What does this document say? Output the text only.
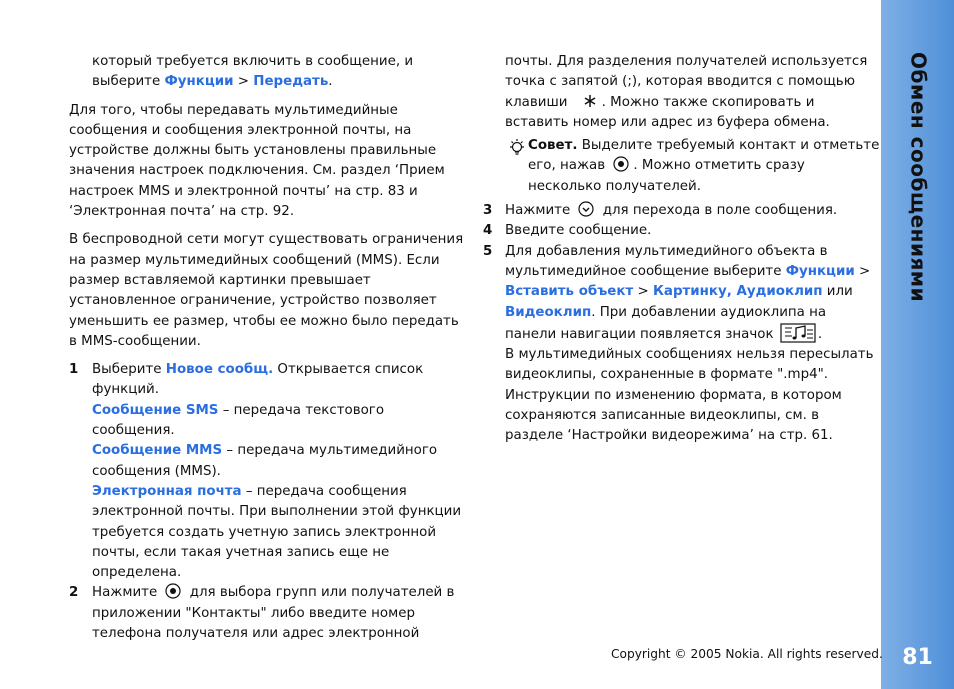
Обмен сообщениями
81

который требуется включить в сообщение, и выберите Функции > Передать.

Для того, чтобы передавать мультимедийные сообщения и сообщения электронной почты, на устройстве должны быть установлены правильные значения настроек подключения. См. раздел ‘Прием настроек MMS и электронной почты’ на стр. 83 и ‘Электронная почта’ на стр. 92.

В беспроводной сети могут существовать ограничения на размер мультимедийных сообщений (MMS). Если размер вставляемой картинки превышает установленное ограничение, устройство позволяет уменьшить ее размер, чтобы ее можно было передать в MMS-сообщении.

1 Выберите Новое сообщ. Открывается список функций.
Сообщение SMS – передача текстового сообщения.
Сообщение MMS – передача мультимедийного сообщения (MMS).
Электронная почта – передача сообщения электронной почты. При выполнении этой функции требуется создать учетную запись электронной почты, если такая учетная запись еще не определена.
2 Нажмите для выбора групп или получателей в приложении "Контакты" либо введите номер телефона получателя или адрес электронной

почты. Для разделения получателей используется точка с запятой (;), которая вводится с помощью клавиши	. Можно также скопировать и вставить номер или адрес из буфера обмена.

Совет. Выделите требуемый контакт и отметьте его, нажав . Можно отметить сразу несколько получателей.
3 Нажмите для перехода в поле сообщения.
4 Введите сообщение.
5 Для добавления мультимедийного объекта в мультимедийное сообщение выберите Функции > Вставить объект > Картинку, Аудиоклип или Видеоклип. При добавлении аудиоклипа на панели навигации появляется значок	.

В мультимедийных сообщениях нельзя пересылать видеоклипы, сохраненные в формате ".mp4". Инструкции по изменению формата, в котором сохраняются записанные видеоклипы, см. в разделе ‘Настройки видеорежима’ на стр. 61.

Copyright © 2005 Nokia. All rights reserved.
